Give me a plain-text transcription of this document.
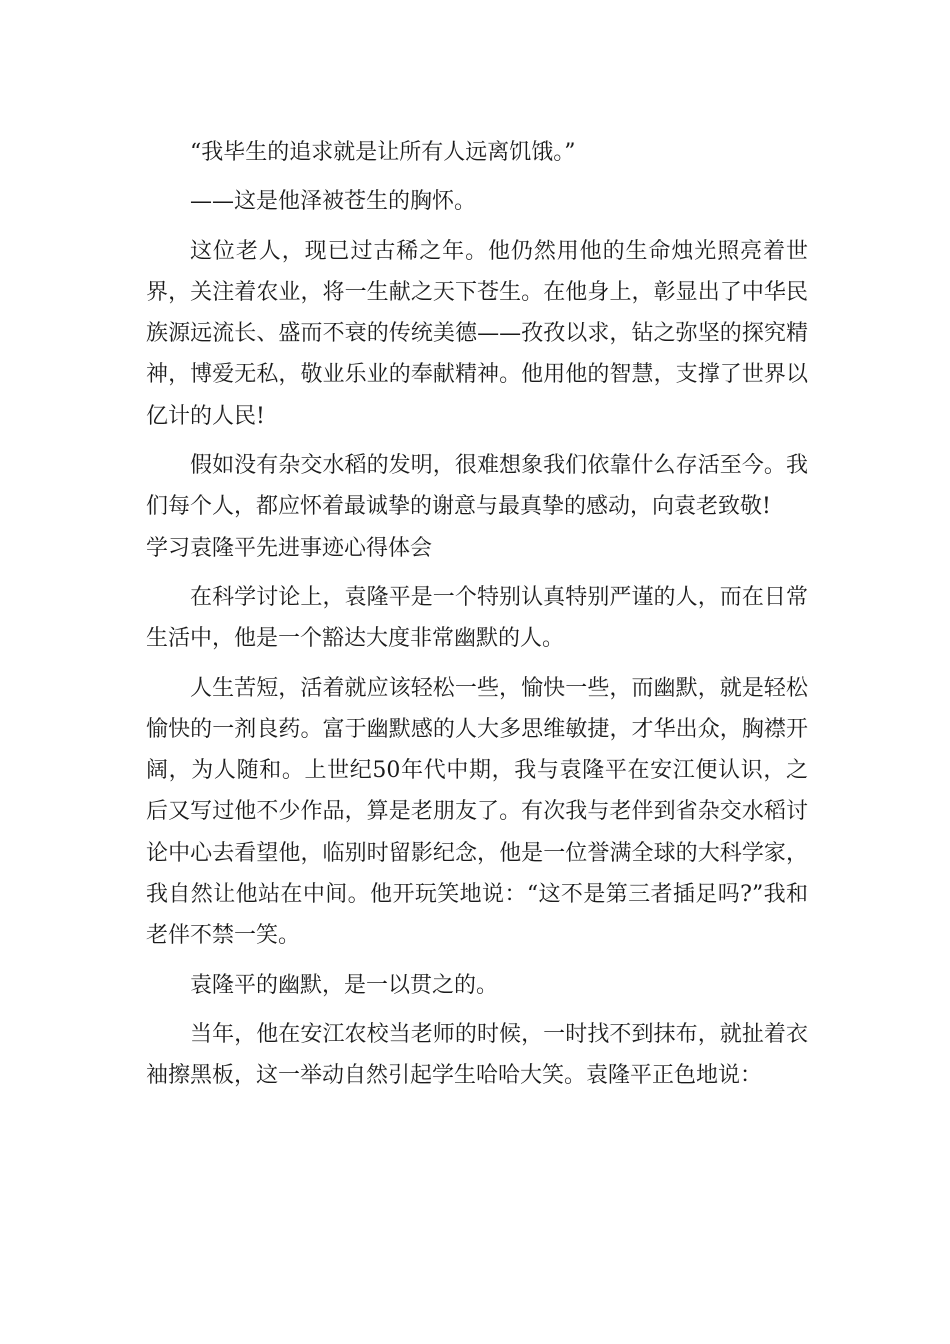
“我毕生的追求就是让所有人远离饥饿。”

——这是他泽被苍生的胸怀。

这位老人，现已过古稀之年。他仍然用他的生命烛光照亮着世界，关注着农业，将一生献之天下苍生。在他身上，彰显出了中华民族源远流长、盛而不衰的传统美德——孜孜以求，钻之弥坚的探究精神，博爱无私，敬业乐业的奉献精神。他用他的智慧，支撑了世界以亿计的人民!

假如没有杂交水稻的发明，很难想象我们依靠什么存活至今。我们每个人，都应怀着最诚挚的谢意与最真挚的感动，向袁老致敬!

学习袁隆平先进事迹心得体会

在科学讨论上，袁隆平是一个特别认真特别严谨的人，而在日常生活中，他是一个豁达大度非常幽默的人。

人生苦短，活着就应该轻松一些，愉快一些，而幽默，就是轻松愉快的一剂良药。富于幽默感的人大多思维敏捷，才华出众，胸襟开阔，为人随和。上世纪50年代中期，我与袁隆平在安江便认识，之后又写过他不少作品，算是老朋友了。有次我与老伴到省杂交水稻讨论中心去看望他，临别时留影纪念，他是一位誉满全球的大科学家，我自然让他站在中间。他开玩笑地说：“这不是第三者插足吗?”我和老伴不禁一笑。

袁隆平的幽默，是一以贯之的。

当年，他在安江农校当老师的时候，一时找不到抹布，就扯着衣袖擦黑板，这一举动自然引起学生哈哈大笑。袁隆平正色地说：
